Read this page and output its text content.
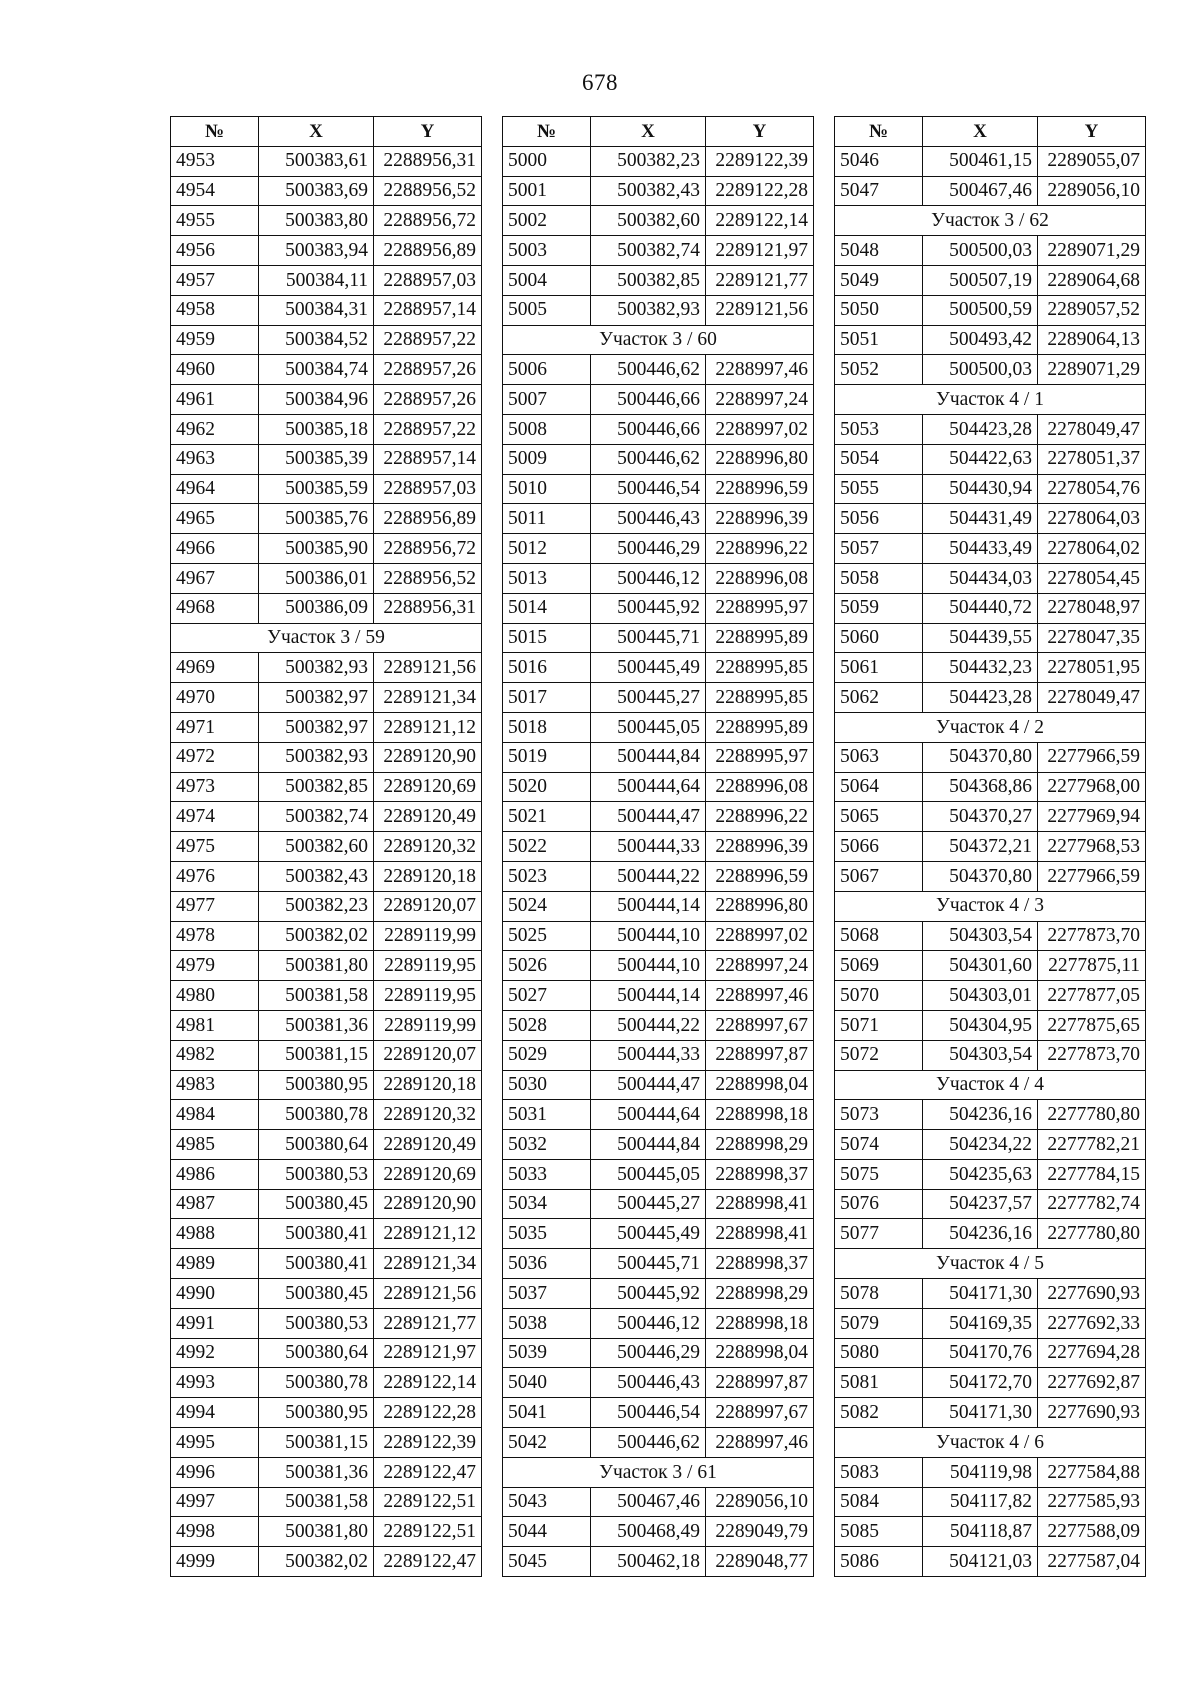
678
№	X	Y
4953	500383,61	2288956,31
4954	500383,69	2288956,52
4955	500383,80	2288956,72
4956	500383,94	2288956,89
4957	500384,11	2288957,03
4958	500384,31	2288957,14
4959	500384,52	2288957,22
4960	500384,74	2288957,26
4961	500384,96	2288957,26
4962	500385,18	2288957,22
4963	500385,39	2288957,14
4964	500385,59	2288957,03
4965	500385,76	2288956,89
4966	500385,90	2288956,72
4967	500386,01	2288956,52
4968	500386,09	2288956,31
Участок 3 / 59		
4969	500382,93	2289121,56
4970	500382,97	2289121,34
4971	500382,97	2289121,12
4972	500382,93	2289120,90
4973	500382,85	2289120,69
4974	500382,74	2289120,49
4975	500382,60	2289120,32
4976	500382,43	2289120,18
4977	500382,23	2289120,07
4978	500382,02	2289119,99
4979	500381,80	2289119,95
4980	500381,58	2289119,95
4981	500381,36	2289119,99
4982	500381,15	2289120,07
4983	500380,95	2289120,18
4984	500380,78	2289120,32
4985	500380,64	2289120,49
4986	500380,53	2289120,69
4987	500380,45	2289120,90
4988	500380,41	2289121,12
4989	500380,41	2289121,34
4990	500380,45	2289121,56
4991	500380,53	2289121,77
4992	500380,64	2289121,97
4993	500380,78	2289122,14
4994	500380,95	2289122,28
4995	500381,15	2289122,39
4996	500381,36	2289122,47
4997	500381,58	2289122,51
4998	500381,80	2289122,51
4999	500382,02	2289122,47
№	X	Y
5000	500382,23	2289122,39
5001	500382,43	2289122,28
5002	500382,60	2289122,14
5003	500382,74	2289121,97
5004	500382,85	2289121,77
5005	500382,93	2289121,56
Участок 3 / 60		
5006	500446,62	2288997,46
5007	500446,66	2288997,24
5008	500446,66	2288997,02
5009	500446,62	2288996,80
5010	500446,54	2288996,59
5011	500446,43	2288996,39
5012	500446,29	2288996,22
5013	500446,12	2288996,08
5014	500445,92	2288995,97
5015	500445,71	2288995,89
5016	500445,49	2288995,85
5017	500445,27	2288995,85
5018	500445,05	2288995,89
5019	500444,84	2288995,97
5020	500444,64	2288996,08
5021	500444,47	2288996,22
5022	500444,33	2288996,39
5023	500444,22	2288996,59
5024	500444,14	2288996,80
5025	500444,10	2288997,02
5026	500444,10	2288997,24
5027	500444,14	2288997,46
5028	500444,22	2288997,67
5029	500444,33	2288997,87
5030	500444,47	2288998,04
5031	500444,64	2288998,18
5032	500444,84	2288998,29
5033	500445,05	2288998,37
5034	500445,27	2288998,41
5035	500445,49	2288998,41
5036	500445,71	2288998,37
5037	500445,92	2288998,29
5038	500446,12	2288998,18
5039	500446,29	2288998,04
5040	500446,43	2288997,87
5041	500446,54	2288997,67
5042	500446,62	2288997,46
Участок 3 / 61		
5043	500467,46	2289056,10
5044	500468,49	2289049,79
5045	500462,18	2289048,77
№	X	Y
5046	500461,15	2289055,07
5047	500467,46	2289056,10
Участок 3 / 62		
5048	500500,03	2289071,29
5049	500507,19	2289064,68
5050	500500,59	2289057,52
5051	500493,42	2289064,13
5052	500500,03	2289071,29
Участок 4 / 1		
5053	504423,28	2278049,47
5054	504422,63	2278051,37
5055	504430,94	2278054,76
5056	504431,49	2278064,03
5057	504433,49	2278064,02
5058	504434,03	2278054,45
5059	504440,72	2278048,97
5060	504439,55	2278047,35
5061	504432,23	2278051,95
5062	504423,28	2278049,47
Участок 4 / 2		
5063	504370,80	2277966,59
5064	504368,86	2277968,00
5065	504370,27	2277969,94
5066	504372,21	2277968,53
5067	504370,80	2277966,59
Участок 4 / 3		
5068	504303,54	2277873,70
5069	504301,60	2277875,11
5070	504303,01	2277877,05
5071	504304,95	2277875,65
5072	504303,54	2277873,70
Участок 4 / 4		
5073	504236,16	2277780,80
5074	504234,22	2277782,21
5075	504235,63	2277784,15
5076	504237,57	2277782,74
5077	504236,16	2277780,80
Участок 4 / 5		
5078	504171,30	2277690,93
5079	504169,35	2277692,33
5080	504170,76	2277694,28
5081	504172,70	2277692,87
5082	504171,30	2277690,93
Участок 4 / 6		
5083	504119,98	2277584,88
5084	504117,82	2277585,93
5085	504118,87	2277588,09
5086	504121,03	2277587,04
